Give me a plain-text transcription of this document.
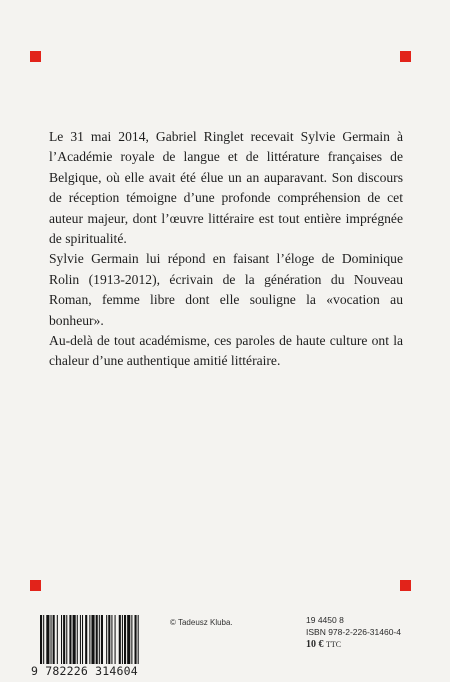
Le 31 mai 2014, Gabriel Ringlet recevait Sylvie Germain à l’Académie royale de langue et de littérature françaises de Belgique, où elle avait été élue un an auparavant. Son discours de réception témoigne d’une profonde compréhension de cet auteur majeur, dont l’œuvre littéraire est tout entière imprégnée de spiritualité.

Sylvie Germain lui répond en faisant l’éloge de Dominique Rolin (1913-2012), écrivain de la génération du Nouveau Roman, femme libre dont elle souligne la «vocation au bonheur».

Au-delà de tout académisme, ces paroles de haute culture ont la chaleur d’une authentique amitié littéraire.

9 782226 314604
© Tadeusz Kluba.	19 4450 8
ISBN 978-2-226-31460-4
10 € TTC
